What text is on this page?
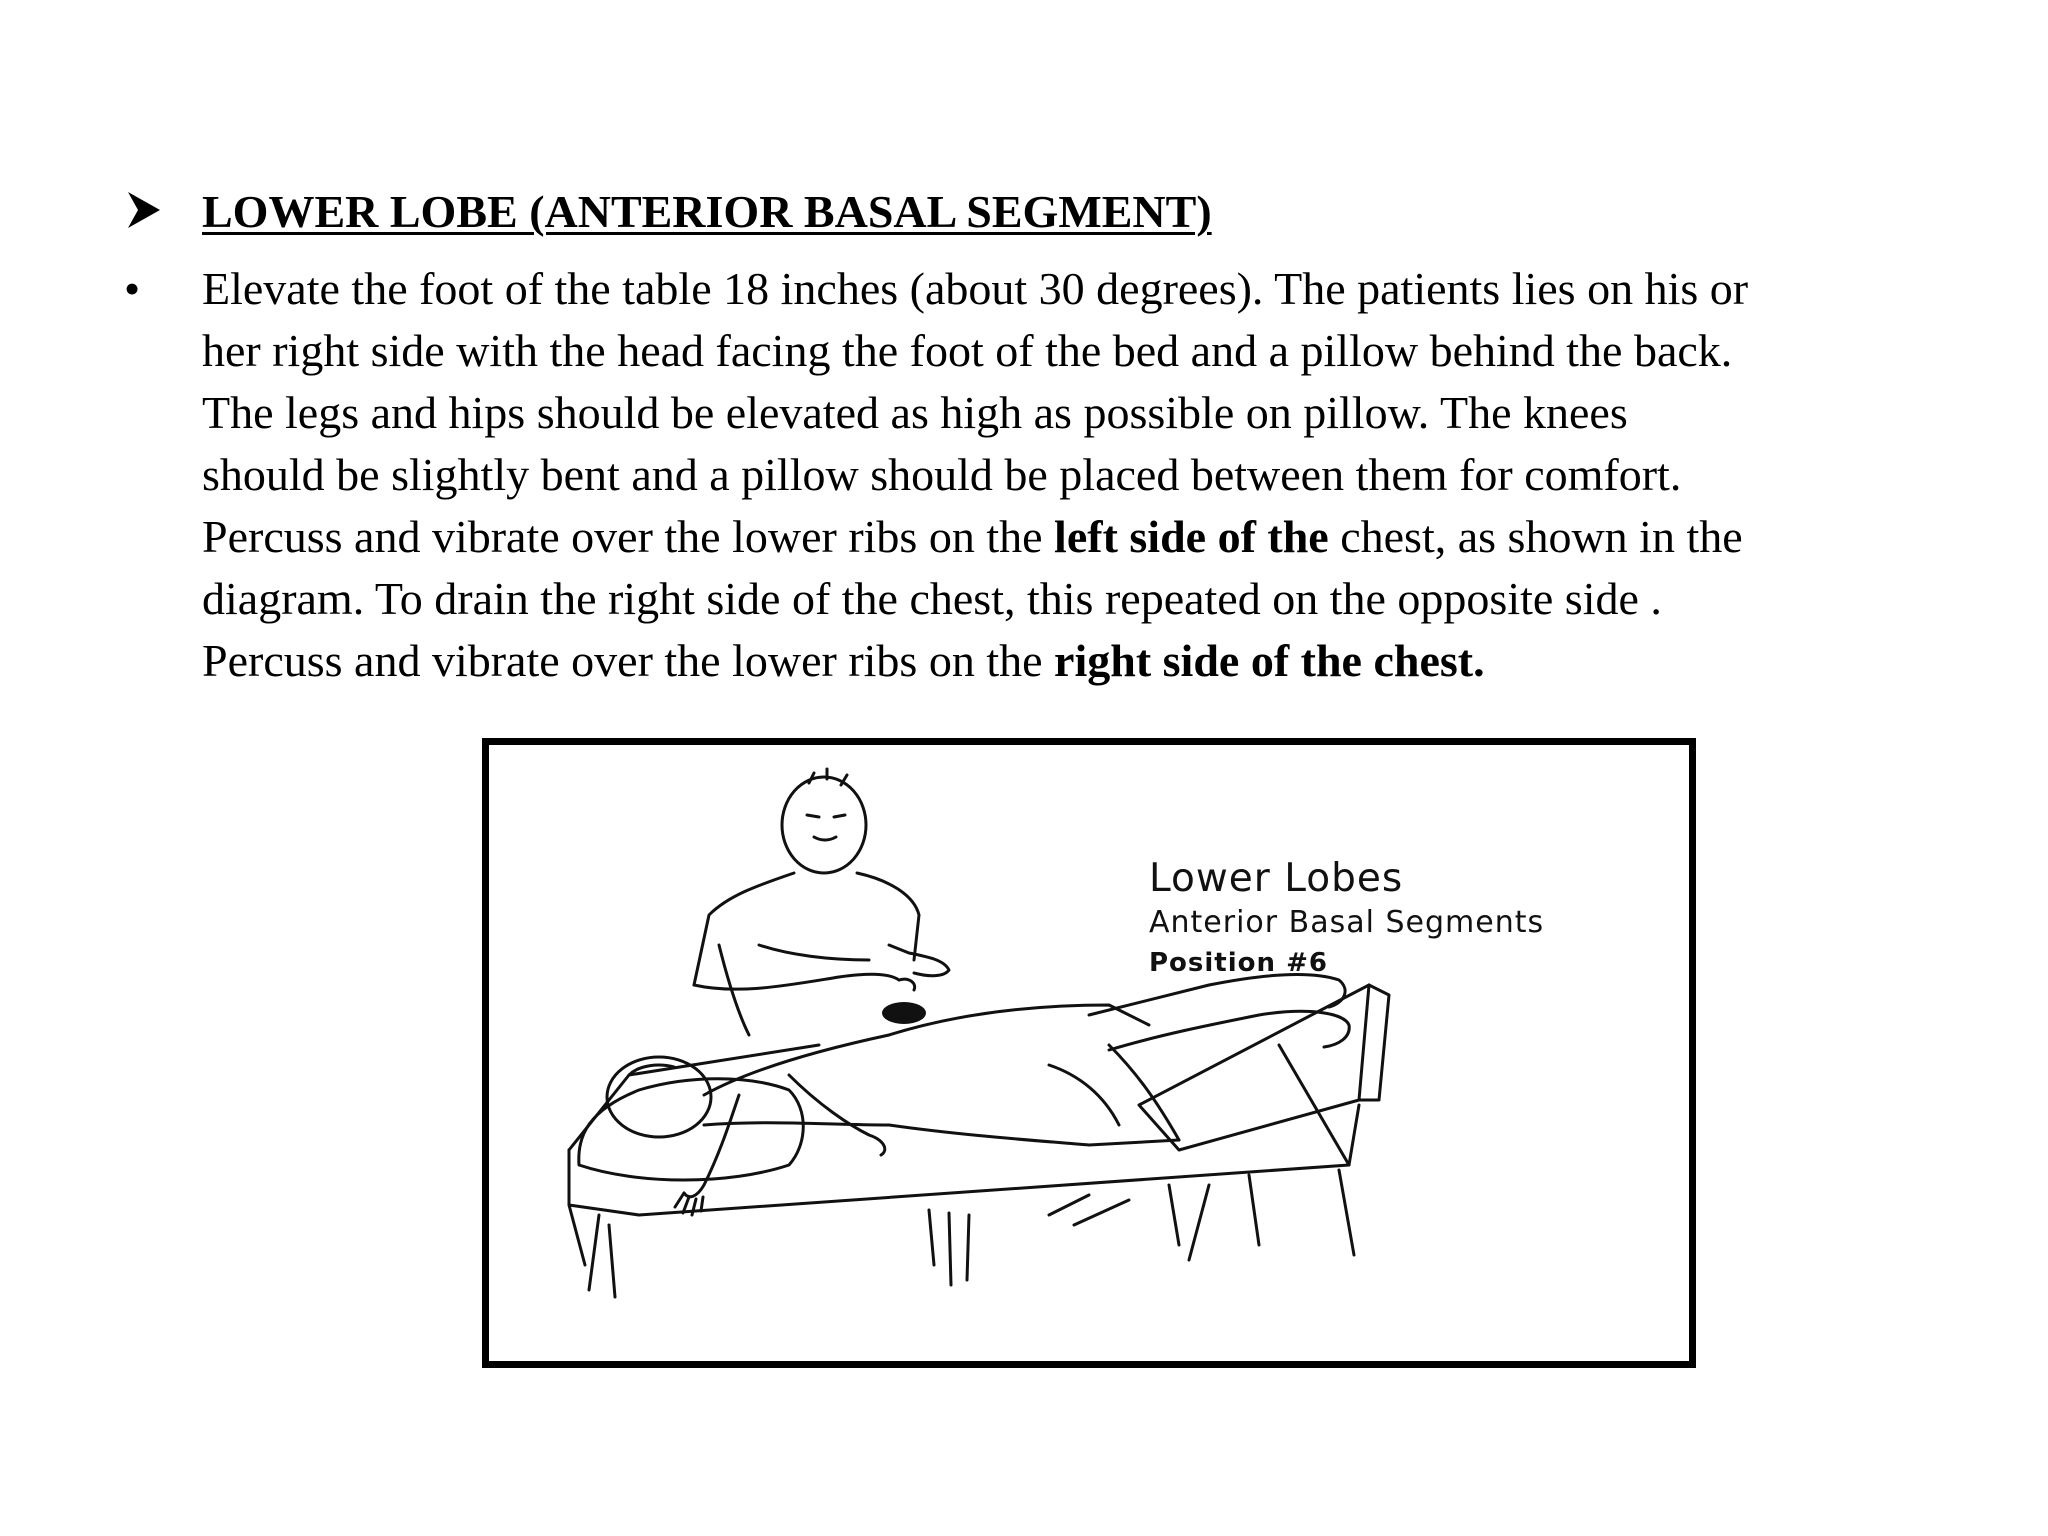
LOWER LOBE (ANTERIOR BASAL SEGMENT)
•	Elevate the foot of the table 18 inches (about 30 degrees). The patients lies on his or
her right side with the head facing the foot of the bed and a pillow behind the back.
The legs and hips should be elevated as high as possible on pillow. The knees
should be slightly bent and a pillow should be placed between them for comfort.
Percuss and vibrate over the lower ribs on the left side of the chest, as shown in the
diagram. To drain the right side of the chest, this repeated on the opposite side .
Percuss and vibrate over the lower ribs on the right side of the chest.
Lower Lobes
Anterior Basal Segments
Position #6
